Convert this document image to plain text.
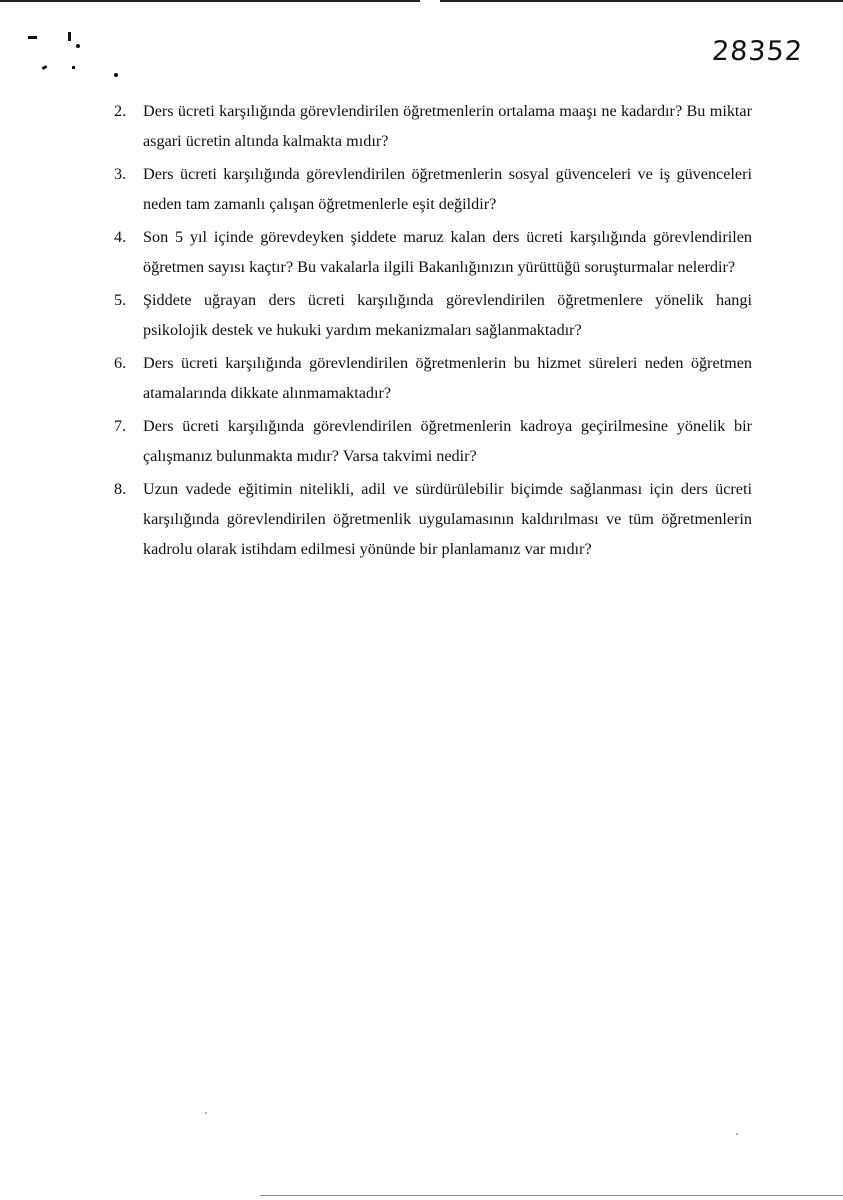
28352
2. Ders ücreti karşılığında görevlendirilen öğretmenlerin ortalama maaşı ne kadardır? Bu miktar asgari ücretin altında kalmakta mıdır?
3. Ders ücreti karşılığında görevlendirilen öğretmenlerin sosyal güvenceleri ve iş güvenceleri neden tam zamanlı çalışan öğretmenlerle eşit değildir?
4. Son 5 yıl içinde görevdeyken şiddete maruz kalan ders ücreti karşılığında görevlendirilen öğretmen sayısı kaçtır? Bu vakalarla ilgili Bakanlığınızın yürüttüğü soruşturmalar nelerdir?
5. Şiddete uğrayan ders ücreti karşılığında görevlendirilen öğretmenlere yönelik hangi psikolojik destek ve hukuki yardım mekanizmaları sağlanmaktadır?
6. Ders ücreti karşılığında görevlendirilen öğretmenlerin bu hizmet süreleri neden öğretmen atamalarında dikkate alınmamaktadır?
7. Ders ücreti karşılığında görevlendirilen öğretmenlerin kadroya geçirilmesine yönelik bir çalışmanız bulunmakta mıdır? Varsa takvimi nedir?
8. Uzun vadede eğitimin nitelikli, adil ve sürdürülebilir biçimde sağlanması için ders ücreti karşılığında görevlendirilen öğretmenlik uygulamasının kaldırılması ve tüm öğretmenlerin kadrolu olarak istihdam edilmesi yönünde bir planlamanız var mıdır?
